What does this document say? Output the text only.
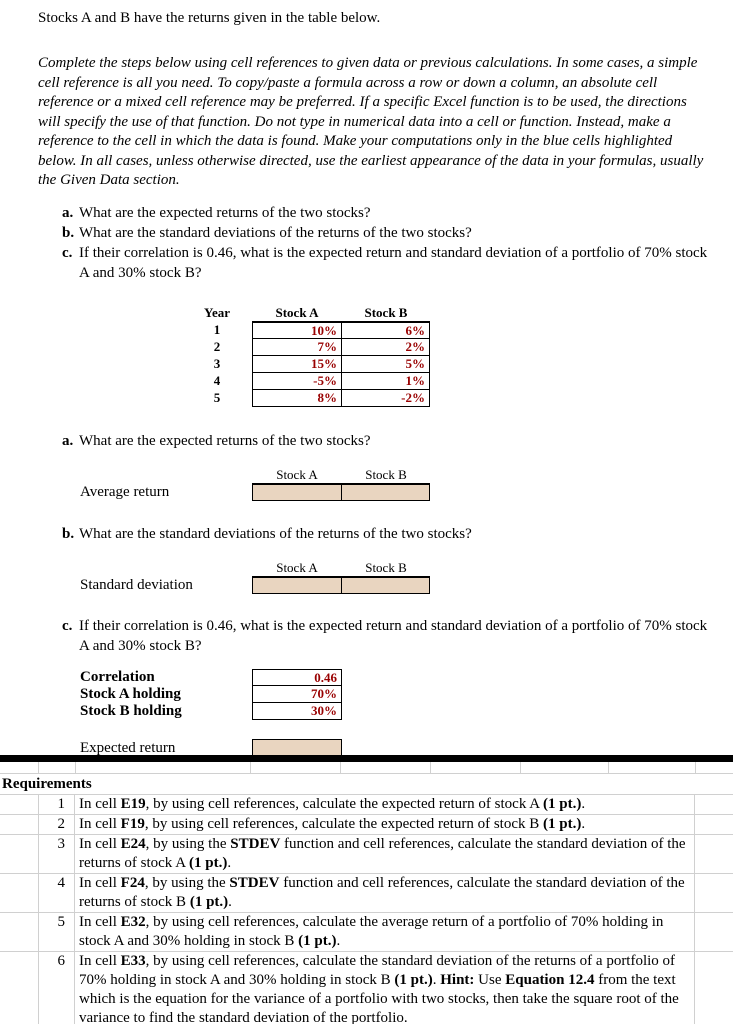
Stocks A and B have the returns given in the table below.

Complete the steps below using cell references to given data or previous calculations. In some cases, a simple cell reference is all you need. To copy/paste a formula across a row or down a column, an absolute cell reference or a mixed cell reference may be preferred. If a specific Excel function is to be used, the directions will specify the use of that function. Do not type in numerical data into a cell or function. Instead, make a reference to the cell in which the data is found. Make your computations only in the blue cells highlighted below. In all cases, unless otherwise directed, use the earliest appearance of the data in your formulas, usually the Given Data section.

a. What are the expected returns of the two stocks?
b. What are the standard deviations of the returns of the two stocks?
c. If their correlation is 0.46, what is the expected return and standard deviation of a portfolio of 70% stock A and 30% stock B?
Year	Stock A	Stock B
1	10%	6%
2	7%	2%
3	15%	5%
4	-5%	1%
5	8%	-2%
a. What are the expected returns of the two stocks?
Stock A	Stock B
Average return
b. What are the standard deviations of the returns of the two stocks?
Stock A	Stock B
Standard deviation
c. If their correlation is 0.46, what is the expected return and standard deviation of a portfolio of 70% stock A and 30% stock B?
Correlation	0.46
Stock A holding	70%
Stock B holding	30%
Expected return
Requirements
1 In cell E19, by using cell references, calculate the expected return of stock A (1 pt.).
2 In cell F19, by using cell references, calculate the expected return of stock B (1 pt.).
3 In cell E24, by using the STDEV function and cell references, calculate the standard deviation of the returns of stock A (1 pt.).
4 In cell F24, by using the STDEV function and cell references, calculate the standard deviation of the returns of stock B (1 pt.).
5 In cell E32, by using cell references, calculate the average return of a portfolio of 70% holding in stock A and 30% holding in stock B (1 pt.).
6 In cell E33, by using cell references, calculate the standard deviation of the returns of a portfolio of 70% holding in stock A and 30% holding in stock B (1 pt.). Hint: Use Equation 12.4 from the text which is the equation for the variance of a portfolio with two stocks, then take the square root of the variance to find the standard deviation of the portfolio.
